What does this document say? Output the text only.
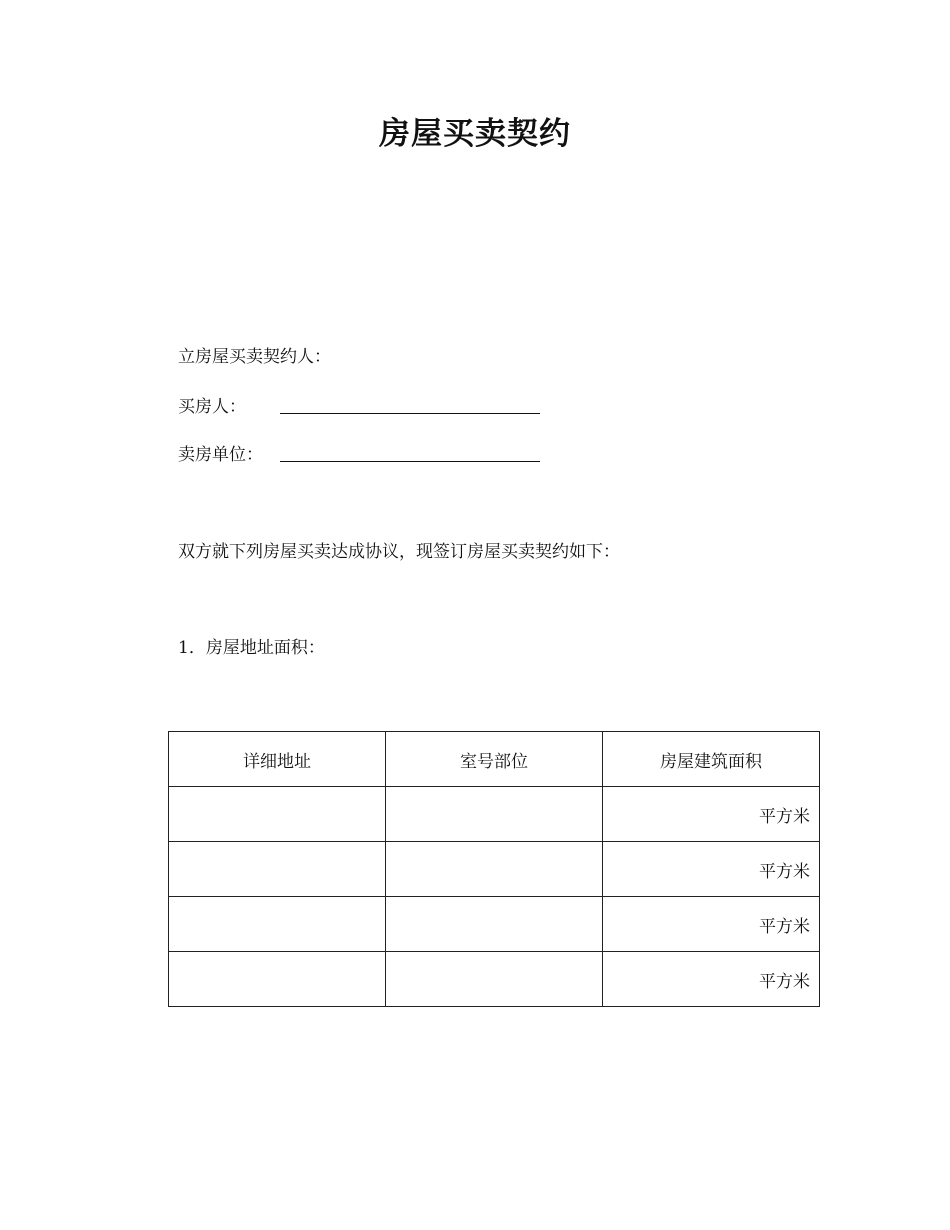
房屋买卖契约
立房屋买卖契约人：
买房人：
卖房单位：
双方就下列房屋买卖达成协议，现签订房屋买卖契约如下：
1．房屋地址面积：
详细地址	室号部位	房屋建筑面积
		平方米
		平方米
		平方米
		平方米
